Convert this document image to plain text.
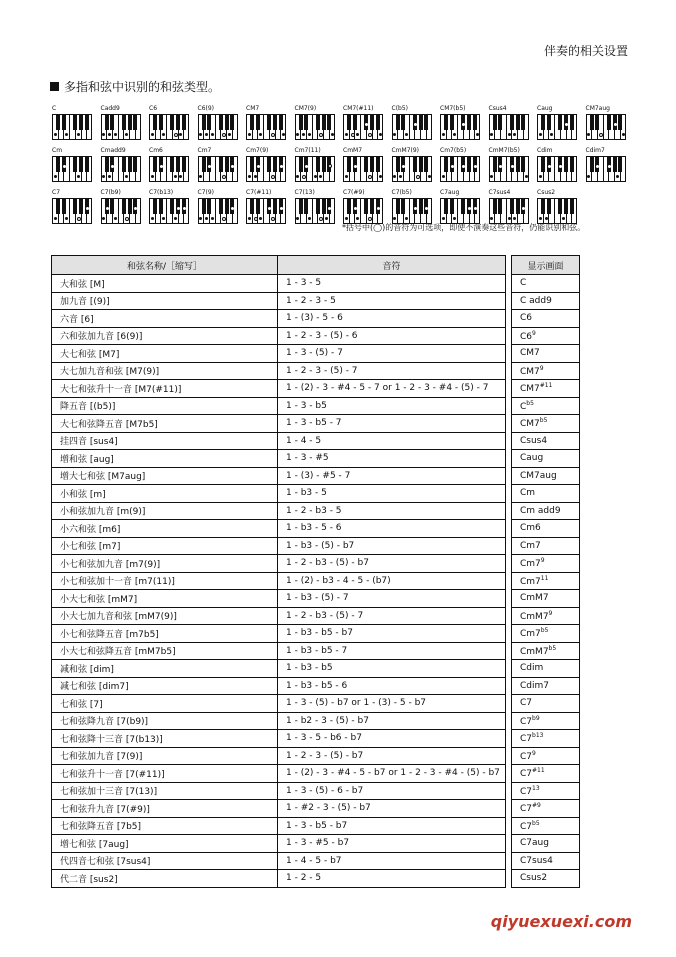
伴奏的相关设置
多指和弦中识别的和弦类型。
C	Cadd9	C6	C6(9)	CM7	CM7(9)	CM7(#11)	C(b5)	CM7(b5)	Csus4	Caug	CM7aug
Cm	Cmadd9	Cm6	Cm7	Cm7(9)	Cm7(11)	CmM7	CmM7(9)	Cm7(b5)	CmM7(b5)	Cdim	Cdim7
C7	C7(b9)	C7(b13)	C7(9)	C7(#11)	C7(13)	C7(#9)	C7(b5)	C7aug	C7sus4	Csus2
*括号中(◯)的音符为可选项，即使不演奏这些音符，仍能识别和弦。
和弦名称/［缩写］	音符
大和弦 [M]	1 - 3 - 5
加九音 [(9)]	1 - 2 - 3 - 5
六音 [6]	1 - (3) - 5 - 6
六和弦加九音 [6(9)]	1 - 2 - 3 - (5) - 6
大七和弦 [M7]	1 - 3 - (5) - 7
大七加九音和弦 [M7(9)]	1 - 2 - 3 - (5) - 7
大七和弦升十一音 [M7(#11)]	1 - (2) - 3 - #4 - 5 - 7 or 1 - 2 - 3 - #4 - (5) - 7
降五音 [(b5)]	1 - 3 - b5
大七和弦降五音 [M7b5]	1 - 3 - b5 - 7
挂四音 [sus4]	1 - 4 - 5
增和弦 [aug]	1 - 3 - #5
增大七和弦 [M7aug]	1 - (3) - #5 - 7
小和弦 [m]	1 - b3 - 5
小和弦加九音 [m(9)]	1 - 2 - b3 - 5
小六和弦 [m6]	1 - b3 - 5 - 6
小七和弦 [m7]	1 - b3 - (5) - b7
小七和弦加九音 [m7(9)]	1 - 2 - b3 - (5) - b7
小七和弦加十一音 [m7(11)]	1 - (2) - b3 - 4 - 5 - (b7)
小大七和弦 [mM7]	1 - b3 - (5) - 7
小大七加九音和弦 [mM7(9)]	1 - 2 - b3 - (5) - 7
小七和弦降五音 [m7b5]	1 - b3 - b5 - b7
小大七和弦降五音 [mM7b5]	1 - b3 - b5 - 7
减和弦 [dim]	1 - b3 - b5
减七和弦 [dim7]	1 - b3 - b5 - 6
七和弦 [7]	1 - 3 - (5) - b7 or 1 - (3) - 5 - b7
七和弦降九音 [7(b9)]	1 - b2 - 3 - (5) - b7
七和弦降十三音 [7(b13)]	1 - 3 - 5 - b6 - b7
七和弦加九音 [7(9)]	1 - 2 - 3 - (5) - b7
七和弦升十一音 [7(#11)]	1 - (2) - 3 - #4 - 5 - b7 or 1 - 2 - 3 - #4 - (5) - b7
七和弦加十三音 [7(13)]	1 - 3 - (5) - 6 - b7
七和弦升九音 [7(#9)]	1 - #2 - 3 - (5) - b7
七和弦降五音 [7b5]	1 - 3 - b5 - b7
增七和弦 [7aug]	1 - 3 - #5 - b7
代四音七和弦 [7sus4]	1 - 4 - 5 - b7
代二音 [sus2]	1 - 2 - 5
显示画面
C
C add9
C6
$C6^9$
CM7
$CM7^9$
CM7$^{\#11}$
$C^{b5}$
$CM7^{b5}$
Csus4
Caug
CM7aug
Cm
Cm add9
Cm6
Cm7
$Cm7^9$
$Cm7^{11}$
CmM7
$CmM7^9$
$Cm7^{b5}$
$CmM7^{b5}$
Cdim
Cdim7
C7
$C7^{b9}$
$C7^{b13}$
$C7^9$
C7$^{\#11}$
$C7^{13}$
C7$^{\#9}$
$C7^{b5}$
C7aug
C7sus4
Csus2
qiyuexuexi.com
